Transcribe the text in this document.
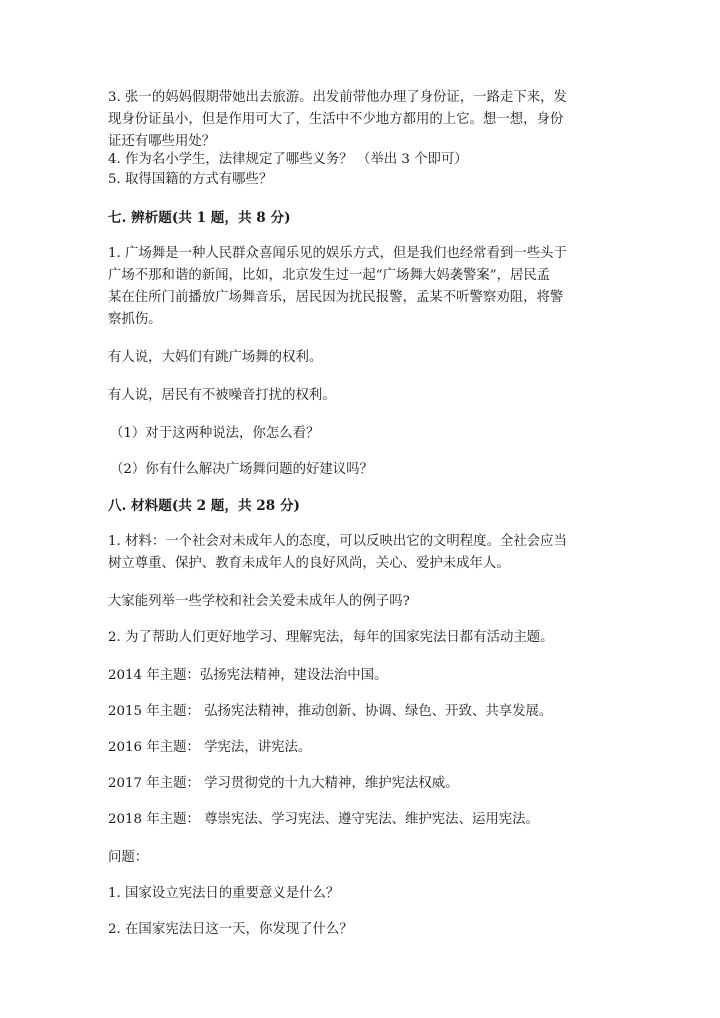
3. 张一的妈妈假期带她出去旅游。出发前带他办理了身份证，一路走下来，发
现身份证虽小，但是作用可大了，生活中不少地方都用的上它。想一想，身份
证还有哪些用处？
4. 作为名小学生，法律规定了哪些义务？ （举出 3 个即可）
5. 取得国籍的方式有哪些？
七. 辨析题(共 1 题，共 8 分)
1. 广场舞是一种人民群众喜闻乐见的娱乐方式，但是我们也经常看到一些头于
广场不那和谐的新闻，比如，北京发生过一起“广场舞大妈袭警案”，居民孟
某在住所门前播放广场舞音乐，居民因为扰民报警，孟某不听警察劝阻，将警
察抓伤。
有人说，大妈们有跳广场舞的权利。
有人说，居民有不被噪音打扰的权利。
（1）对于这两种说法，你怎么看？
（2）你有什么解决广场舞问题的好建议吗？
八. 材料题(共 2 题，共 28 分)
1. 材料：一个社会对未成年人的态度，可以反映出它的文明程度。全社会应当
树立尊重、保护、教育未成年人的良好风尚，关心、爱护未成年人。
大家能列举一些学校和社会关爱未成年人的例子吗?
2. 为了帮助人们更好地学习、理解宪法，每年的国家宪法日都有活动主题。
2014 年主题：弘扬宪法精神，建设法治中国。
2015 年主题： 弘扬宪法精神，推动创新、协调、绿色、开致、共享发展。
2016 年主题： 学宪法，讲宪法。
2017 年主题： 学习贯彻党的十九大精神，维护宪法权威。
2018 年主题： 尊崇宪法、学习宪法、遵守宪法、维护宪法、运用宪法。
问题：
1. 国家设立宪法日的重要意义是什么？
2. 在国家宪法日这一天，你发现了什么？
